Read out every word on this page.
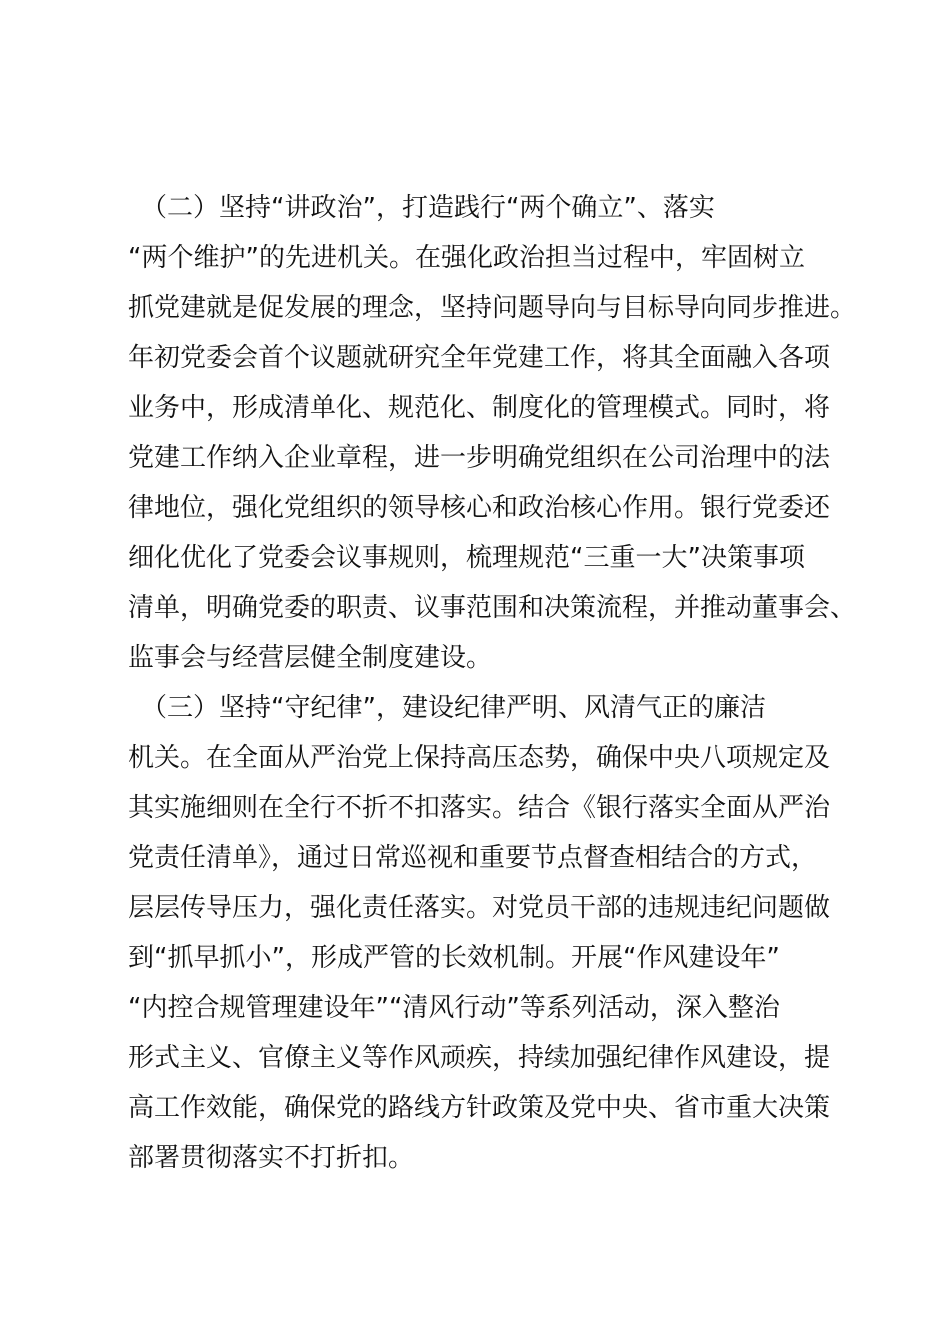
　（二）坚持“讲政治”，打造践行“两个确立”、落实
“两个维护”的先进机关。在强化政治担当过程中，牢固树立
抓党建就是促发展的理念，坚持问题导向与目标导向同步推进。
年初党委会首个议题就研究全年党建工作，将其全面融入各项
业务中，形成清单化、规范化、制度化的管理模式。同时，将
党建工作纳入企业章程，进一步明确党组织在公司治理中的法
律地位，强化党组织的领导核心和政治核心作用。银行党委还
细化优化了党委会议事规则，梳理规范“三重一大”决策事项
清单，明确党委的职责、议事范围和决策流程，并推动董事会、
监事会与经营层健全制度建设。
　（三）坚持“守纪律”，建设纪律严明、风清气正的廉洁
机关。在全面从严治党上保持高压态势，确保中央八项规定及
其实施细则在全行不折不扣落实。结合《银行落实全面从严治
党责任清单》，通过日常巡视和重要节点督查相结合的方式，
层层传导压力，强化责任落实。对党员干部的违规违纪问题做
到“抓早抓小”，形成严管的长效机制。开展“作风建设年”
“内控合规管理建设年”“清风行动”等系列活动，深入整治
形式主义、官僚主义等作风顽疾，持续加强纪律作风建设，提
高工作效能，确保党的路线方针政策及党中央、省市重大决策
部署贯彻落实不打折扣。
